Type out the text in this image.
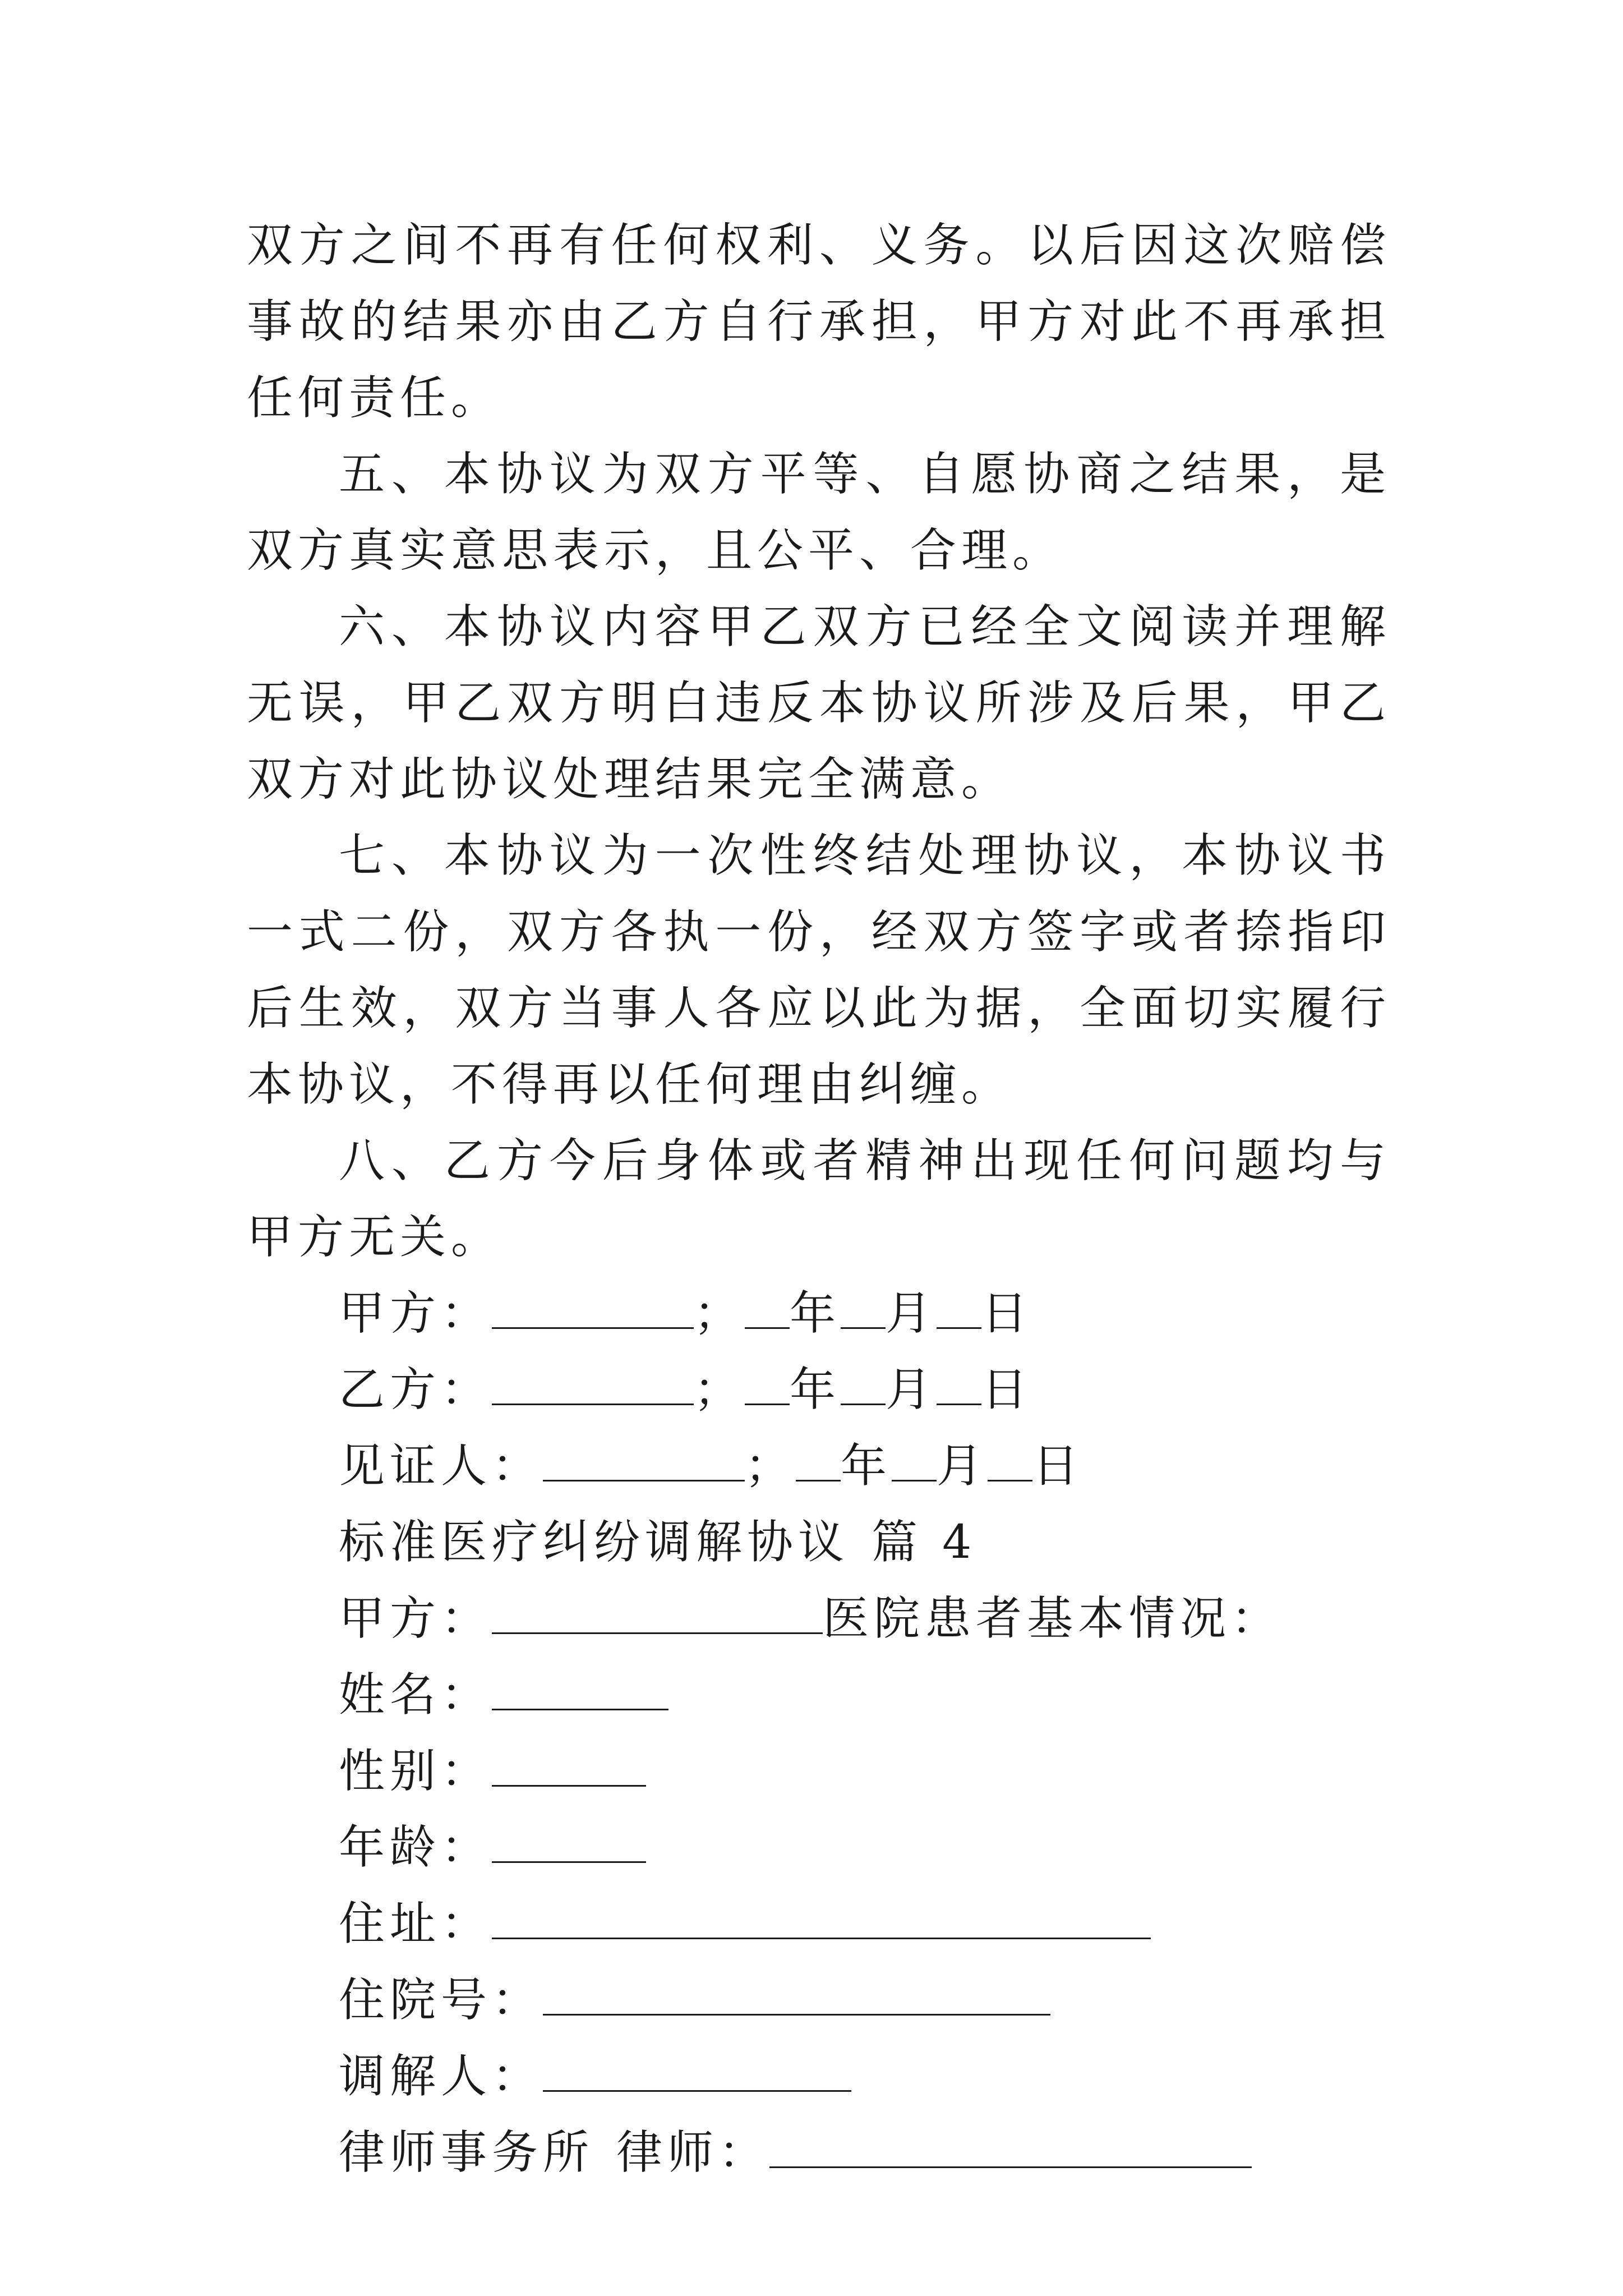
双方之间不再有任何权利、义务。以后因这次赔偿事故的结果亦由乙方自行承担，甲方对此不再承担任何责任。

五、本协议为双方平等、自愿协商之结果，是双方真实意思表示，且公平、合理。

六、本协议内容甲乙双方已经全文阅读并理解无误，甲乙双方明白违反本协议所涉及后果，甲乙双方对此协议处理结果完全满意。

七、本协议为一次性终结处理协议，本协议书一式二份，双方各执一份，经双方签字或者捺指印后生效，双方当事人各应以此为据，全面切实履行本协议，不得再以任何理由纠缠。

八、乙方今后身体或者精神出现任何问题均与甲方无关。

甲方：	； 年 月 日
乙方：	； 年 月 日
见证人：	； 年 月 日
标准医疗纠纷调解协议 篇 4
甲方：	医院患者基本情况：
姓名：
性别：
年龄：
住址：
住院号：
调解人：
律师事务所 律师：
